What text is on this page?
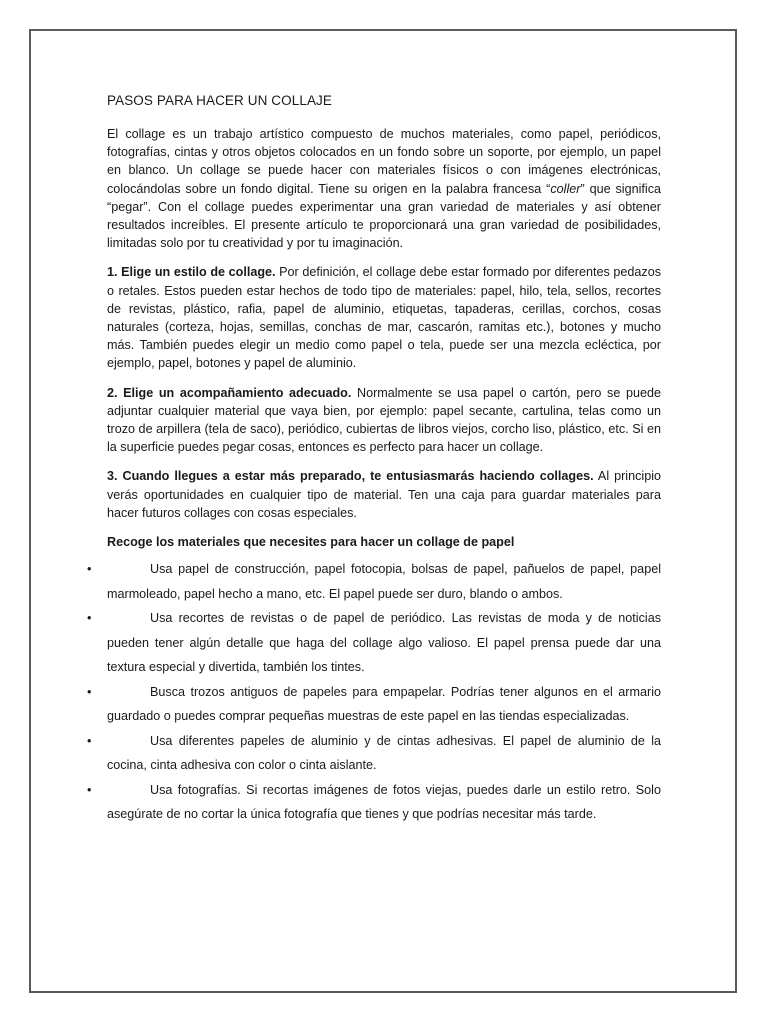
PASOS PARA HACER UN COLLAJE

El collage es un trabajo artístico compuesto de muchos materiales, como papel, periódicos, fotografías, cintas y otros objetos colocados en un fondo sobre un soporte, por ejemplo, un papel en blanco. Un collage se puede hacer con materiales físicos o con imágenes electrónicas, colocándolas sobre un fondo digital. Tiene su origen en la palabra francesa “coller” que significa “pegar”. Con el collage puedes experimentar una gran variedad de materiales y así obtener resultados increíbles. El presente artículo te proporcionará una gran variedad de posibilidades, limitadas solo por tu creatividad y por tu imaginación.

1. Elige un estilo de collage. Por definición, el collage debe estar formado por diferentes pedazos o retales. Estos pueden estar hechos de todo tipo de materiales: papel, hilo, tela, sellos, recortes de revistas, plástico, rafia, papel de aluminio, etiquetas, tapaderas, cerillas, corchos, cosas naturales (corteza, hojas, semillas, conchas de mar, cascarón, ramitas etc.), botones y mucho más. También puedes elegir un medio como papel o tela, puede ser una mezcla ecléctica, por ejemplo, papel, botones y papel de aluminio.

2. Elige un acompañamiento adecuado. Normalmente se usa papel o cartón, pero se puede adjuntar cualquier material que vaya bien, por ejemplo: papel secante, cartulina, telas como un trozo de arpillera (tela de saco), periódico, cubiertas de libros viejos, corcho liso, plástico, etc. Si en la superficie puedes pegar cosas, entonces es perfecto para hacer un collage.

3. Cuando llegues a estar más preparado, te entusiasmarás haciendo collages. Al principio verás oportunidades en cualquier tipo de material. Ten una caja para guardar materiales para hacer futuros collages con cosas especiales.

Recoge los materiales que necesites para hacer un collage de papel
•	Usa papel de construcción, papel fotocopia, bolsas de papel, pañuelos de papel, papel marmoleado, papel hecho a mano, etc. El papel puede ser duro, blando o ambos.
•	Usa recortes de revistas o de papel de periódico. Las revistas de moda y de noticias pueden tener algún detalle que haga del collage algo valioso. El papel prensa puede dar una textura especial y divertida, también los tintes.
•	Busca trozos antiguos de papeles para empapelar. Podrías tener algunos en el armario guardado o puedes comprar pequeñas muestras de este papel en las tiendas especializadas.
•	Usa diferentes papeles de aluminio y de cintas adhesivas. El papel de aluminio de la cocina, cinta adhesiva con color o cinta aislante.
•	Usa fotografías. Si recortas imágenes de fotos viejas, puedes darle un estilo retro. Solo asegúrate de no cortar la única fotografía que tienes y que podrías necesitar más tarde.
